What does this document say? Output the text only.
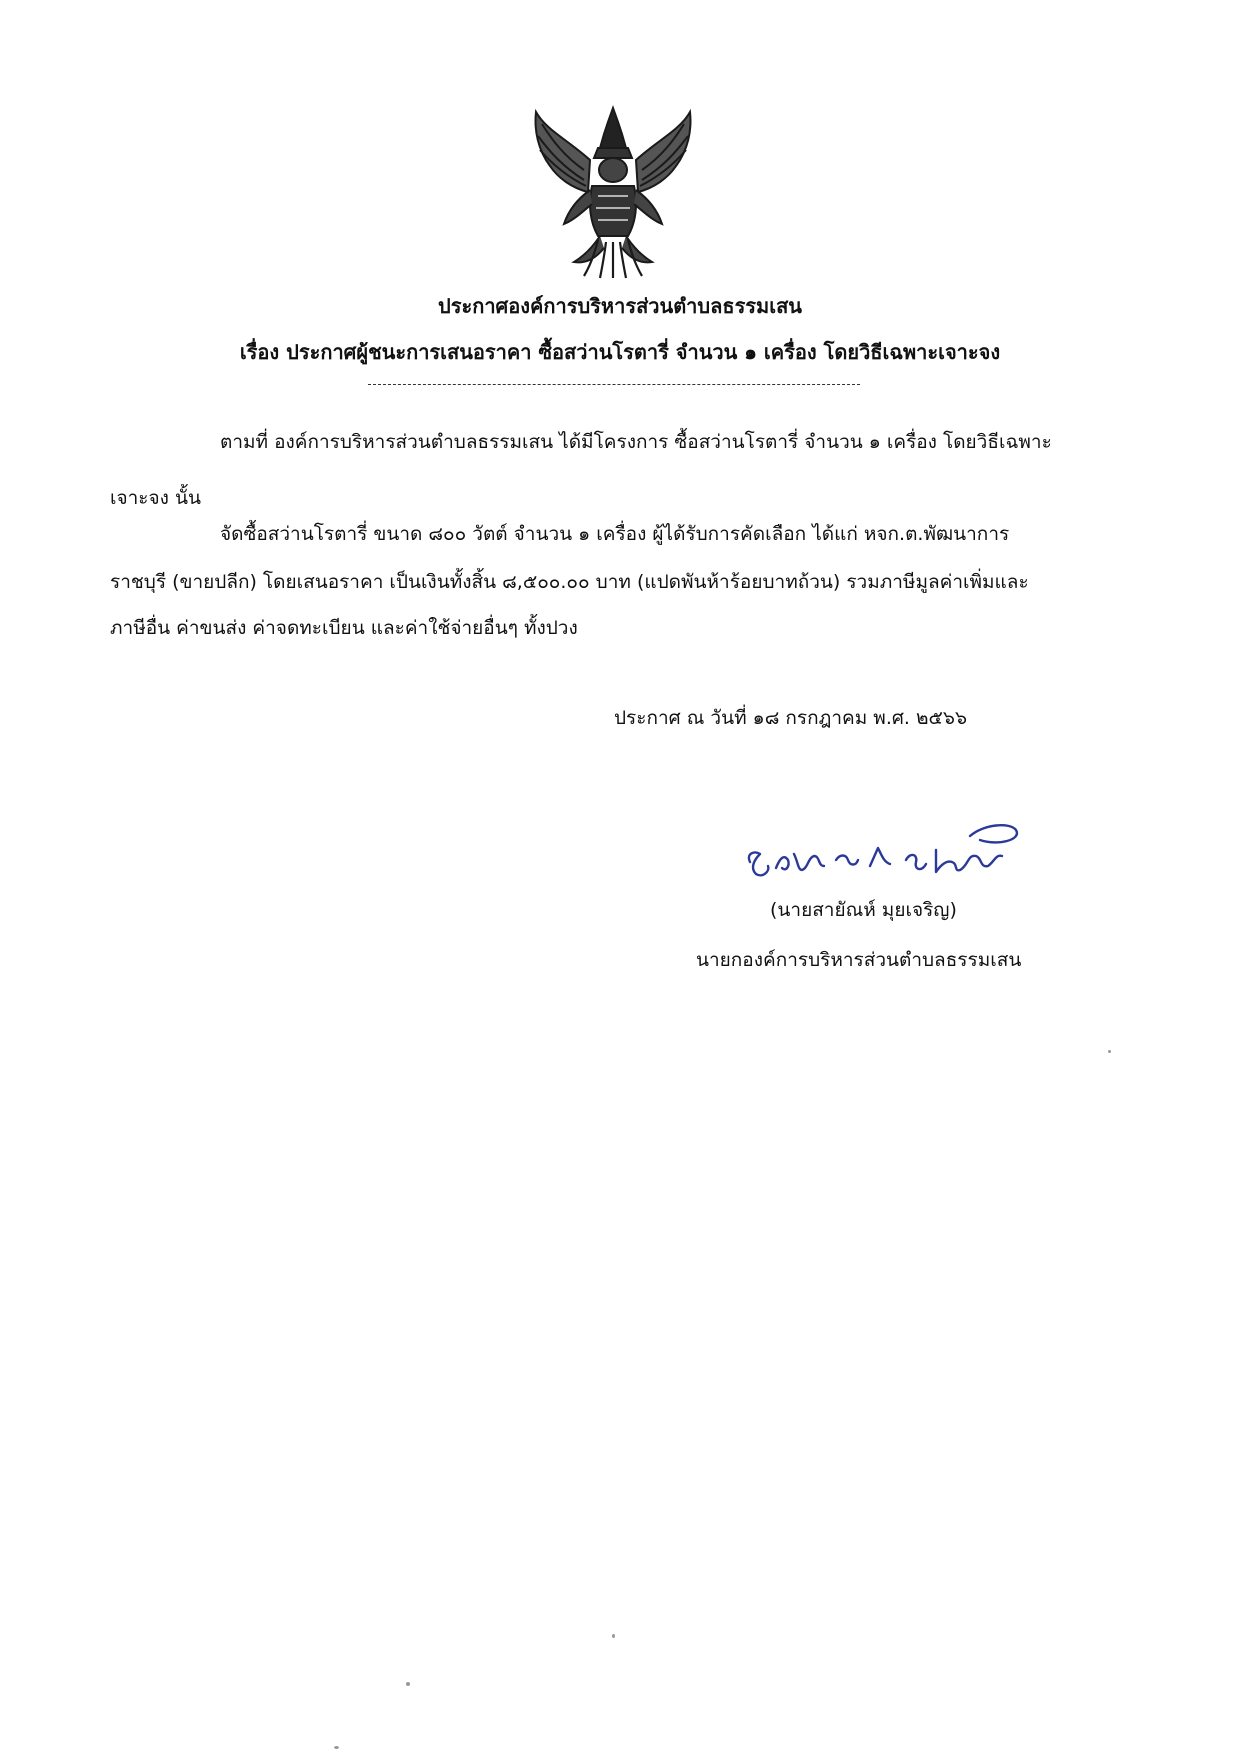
ประกาศองค์การบริหารส่วนตำบลธรรมเสน
เรื่อง ประกาศผู้ชนะการเสนอราคา ซื้อสว่านโรตารี่ จำนวน ๑ เครื่อง โดยวิธีเฉพาะเจาะจง
ตามที่ องค์การบริหารส่วนตำบลธรรมเสน ได้มีโครงการ ซื้อสว่านโรตารี่ จำนวน ๑ เครื่อง โดยวิธีเฉพาะ
เจาะจง นั้น
จัดซื้อสว่านโรตารี่ ขนาด ๘๐๐ วัตต์ จำนวน ๑ เครื่อง ผู้ได้รับการคัดเลือก ได้แก่ หจก.ต.พัฒนาการ
ราชบุรี (ขายปลีก) โดยเสนอราคา เป็นเงินทั้งสิ้น ๘,๕๐๐.๐๐ บาท (แปดพันห้าร้อยบาทถ้วน) รวมภาษีมูลค่าเพิ่มและ
ภาษีอื่น ค่าขนส่ง ค่าจดทะเบียน และค่าใช้จ่ายอื่นๆ ทั้งปวง
ประกาศ ณ วันที่ ๑๘ กรกฎาคม พ.ศ. ๒๕๖๖
(นายสายัณห์ มุยเจริญ)
นายกองค์การบริหารส่วนตำบลธรรมเสน
